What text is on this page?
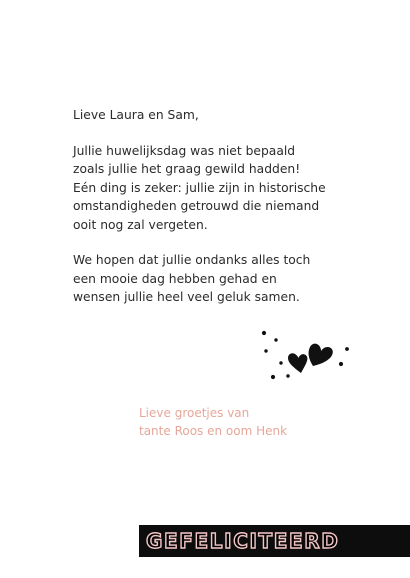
Lieve Laura en Sam,

Jullie huwelijksdag was niet bepaald
zoals jullie het graag gewild hadden!
Eén ding is zeker: jullie zijn in historische
omstandigheden getrouwd die niemand
ooit nog zal vergeten.

We hopen dat jullie ondanks alles toch
een mooie dag hebben gehad en
wensen jullie heel veel geluk samen.

Lieve groetjes van
tante Roos en oom Henk
GEFELICITEERD
